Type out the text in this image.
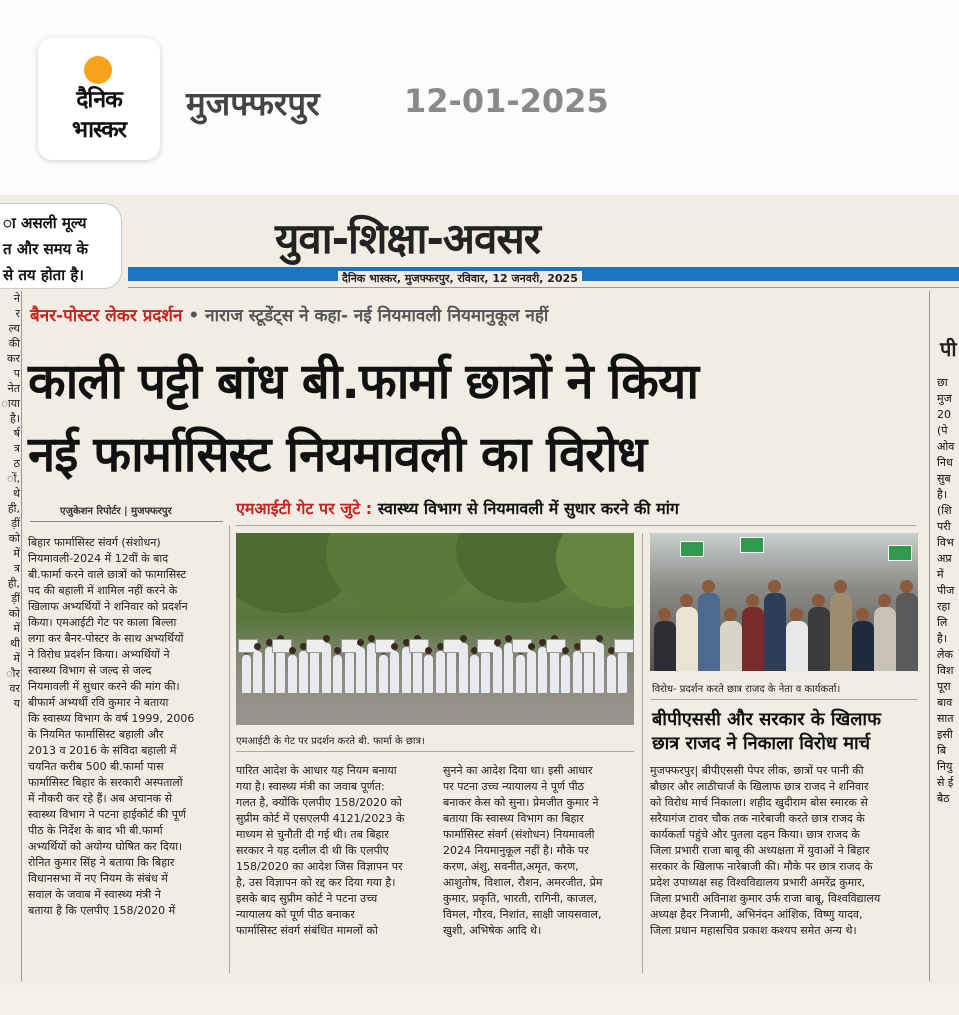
दैनिक
भास्कर
मुजफ्फरपुर	12-01-2025
ा असली मूल्य
त और समय के
से तय होता है।
युवा-शिक्षा-अवसर
दैनिक भास्कर, मुजफ्फरपुर, रविवार, 12 जनवरी, 2025
ने
र
ल्य
की
कर
प
नेत
ाया
है।
र्ष
त्र
ठ
ों,
थे
ही,
ड़ीं
को
में
त्र
ही,
ड़ीं
को
में
थी
में
ौर
वर
य
पी
छा
मुज
20
(पे
ओव
निध
सुब
है।
(शि
परी
विभ
अप्र
में
पीज
रहा
लि
है।
लेक
विश
पूरा
बाव
सात
इसी
बि
नियु
से ई
बैठ
बैनर-पोस्टर लेकर प्रदर्शन • नाराज स्टूडेंट्स ने कहा- नई नियमावली नियमानुकूल नहीं
काली पट्टी बांध बी.फार्मा छात्रों ने किया
नई फार्मासिस्ट नियमावली का विरोध
एजुकेशन रिपोर्टर | मुजफ्फरपुर	एमआईटी गेट पर जुटे : स्वास्थ्य विभाग से नियमावली में सुधार करने की मांग

बिहार फार्मासिस्ट संवर्ग (संशोधन)

नियमावली-2024 में 12वीं के बाद

बी.फार्मा करने वाले छात्रों को फामासिस्ट

पद की बहाली में शामिल नहीं करने के

खिलाफ अभ्यर्थियों ने शनिवार को प्रदर्शन

किया। एमआईटी गेट पर काला बिल्ला

लगा कर बैनर-पोस्टर के साथ अभ्यर्थियों

ने विरोध प्रदर्शन किया। अभ्यर्थियों ने

स्वास्थ्य विभाग से जल्द से जल्द

नियमावली में सुधार करने की मांग की।

बीफार्म अभ्यर्थी रवि कुमार ने बताया

कि स्वास्थ्य विभाग के वर्ष 1999, 2006

के नियमित फार्मासिस्ट बहाली और

2013 व 2016 के संविदा बहाली में

चयनित करीब 500 बी.फार्मा पास

फार्मासिस्ट बिहार के सरकारी अस्पतालों

में नौकरी कर रहे हैं। अब अचानक से

स्वास्थ्य विभाग ने पटना हाईकोर्ट की पूर्ण

पीठ के निर्देश के बाद भी बी.फार्मा

अभ्यर्थियों को अयोग्य घोषित कर दिया।

रोनित कुमार सिंह ने बताया कि बिहार

विधानसभा में नए नियम के संबंध में

सवाल के जवाब में स्वास्थ्य मंत्री ने

बताया है कि एलपीए 158/2020 में

एमआईटी के गेट पर प्रदर्शन करते बी. फार्मा के छात्र।

पारित आदेश के आधार यह नियम बनाया

गया है। स्वास्थ्य मंत्री का जवाब पूर्णत:

गलत है, क्योंकि एलपीए 158/2020 को

सुप्रीम कोर्ट में एसएलपी 4121/2023 के

माध्यम से चुनौती दी गई थी। तब बिहार

सरकार ने यह दलील दी थी कि एलपीए

158/2020 का आदेश जिस विज्ञापन पर

है, उस विज्ञापन को रद्द कर दिया गया है।

इसके बाद सुप्रीम कोर्ट ने पटना उच्च

न्यायालय को पूर्ण पीठ बनाकर

फार्मासिस्ट संवर्ग संबंधित मामलों को

सुनने का आदेश दिया था। इसी आधार

पर पटना उच्च न्यायालय ने पूर्ण पीठ

बनाकर केस को सुना। प्रेमजीत कुमार ने

बताया कि स्वास्थ्य विभाग का बिहार

फार्मासिस्ट संवर्ग (संशोधन) नियमावली

2024 नियमानुकूल नहीं है। मौके पर

करण, अंशु, सवनीत,अमृत, करण,

आशुतोष, विशाल, रौशन, अमरजीत, प्रेम

कुमार, प्रकृति, भारती, रागिनी, काजल,

विमल, गौरव, निशांत, साक्षी जायसवाल,

खुशी, अभिषेक आदि थे।

विरोध- प्रदर्शन करते छात्र राजद के नेता व कार्यकर्ता।
बीपीएससी और सरकार के खिलाफ
छात्र राजद ने निकाला विरोध मार्च

मुजफ्फरपुर| बीपीएससी पेपर लीक, छात्रों पर पानी की

बौछार और लाठीचार्ज के खिलाफ छात्र राजद ने शनिवार

को विरोध मार्च निकाला। शहीद खुदीराम बोस स्मारक से

सरैयागंज टावर चौक तक नारेबाजी करते छात्र राजद के

कार्यकर्ता पहुंचे और पुतला दहन किया। छात्र राजद के

जिला प्रभारी राजा बाबू की अध्यक्षता में युवाओं ने बिहार

सरकार के खिलाफ नारेबाजी की। मौके पर छात्र राजद के

प्रदेश उपाध्यक्ष सह विश्वविद्यालय प्रभारी अमरेंद्र कुमार,

जिला प्रभारी अविनाश कुमार उर्फ राजा बाबू, विश्वविद्यालय

अध्यक्ष हैदर निजामी, अभिनंदन आंशिक, विष्णु यादव,

जिला प्रधान महासचिव प्रकाश कश्यप समेत अन्य थे।
